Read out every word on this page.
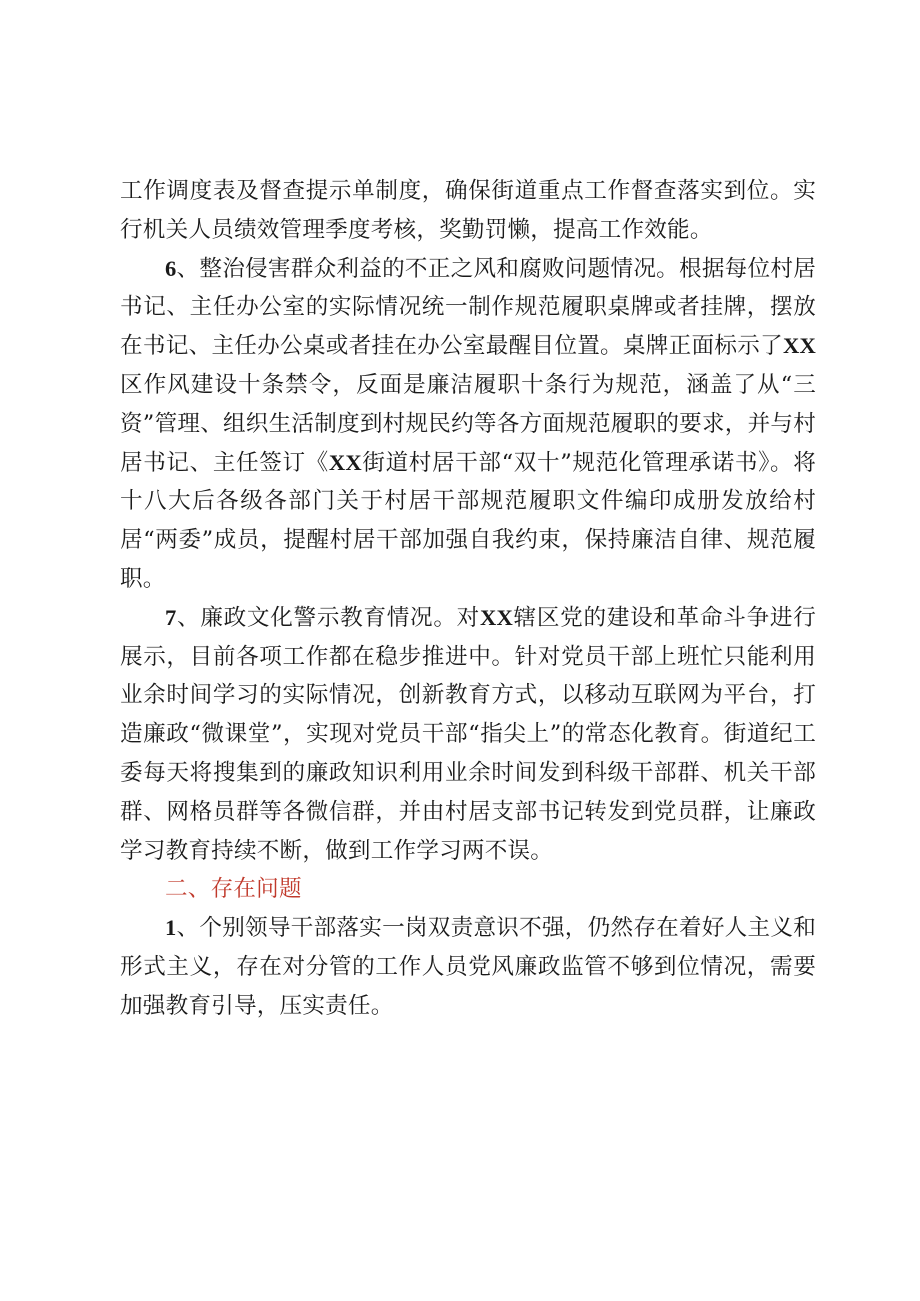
工作调度表及督查提示单制度，确保街道重点工作督查落实到位。实行机关人员绩效管理季度考核，奖勤罚懒，提高工作效能。

6、整治侵害群众利益的不正之风和腐败问题情况。根据每位村居书记、主任办公室的实际情况统一制作规范履职桌牌或者挂牌，摆放在书记、主任办公桌或者挂在办公室最醒目位置。桌牌正面标示了XX区作风建设十条禁令，反面是廉洁履职十条行为规范，涵盖了从“三资”管理、组织生活制度到村规民约等各方面规范履职的要求，并与村居书记、主任签订《XX街道村居干部“双十”规范化管理承诺书》。将十八大后各级各部门关于村居干部规范履职文件编印成册发放给村居“两委”成员，提醒村居干部加强自我约束，保持廉洁自律、规范履职。

7、廉政文化警示教育情况。对XX辖区党的建设和革命斗争进行展示，目前各项工作都在稳步推进中。针对党员干部上班忙只能利用业余时间学习的实际情况，创新教育方式，以移动互联网为平台，打造廉政“微课堂”，实现对党员干部“指尖上”的常态化教育。街道纪工委每天将搜集到的廉政知识利用业余时间发到科级干部群、机关干部群、网格员群等各微信群，并由村居支部书记转发到党员群，让廉政学习教育持续不断，做到工作学习两不误。

二、存在问题

1、个别领导干部落实一岗双责意识不强，仍然存在着好人主义和形式主义，存在对分管的工作人员党风廉政监管不够到位情况，需要加强教育引导，压实责任。
